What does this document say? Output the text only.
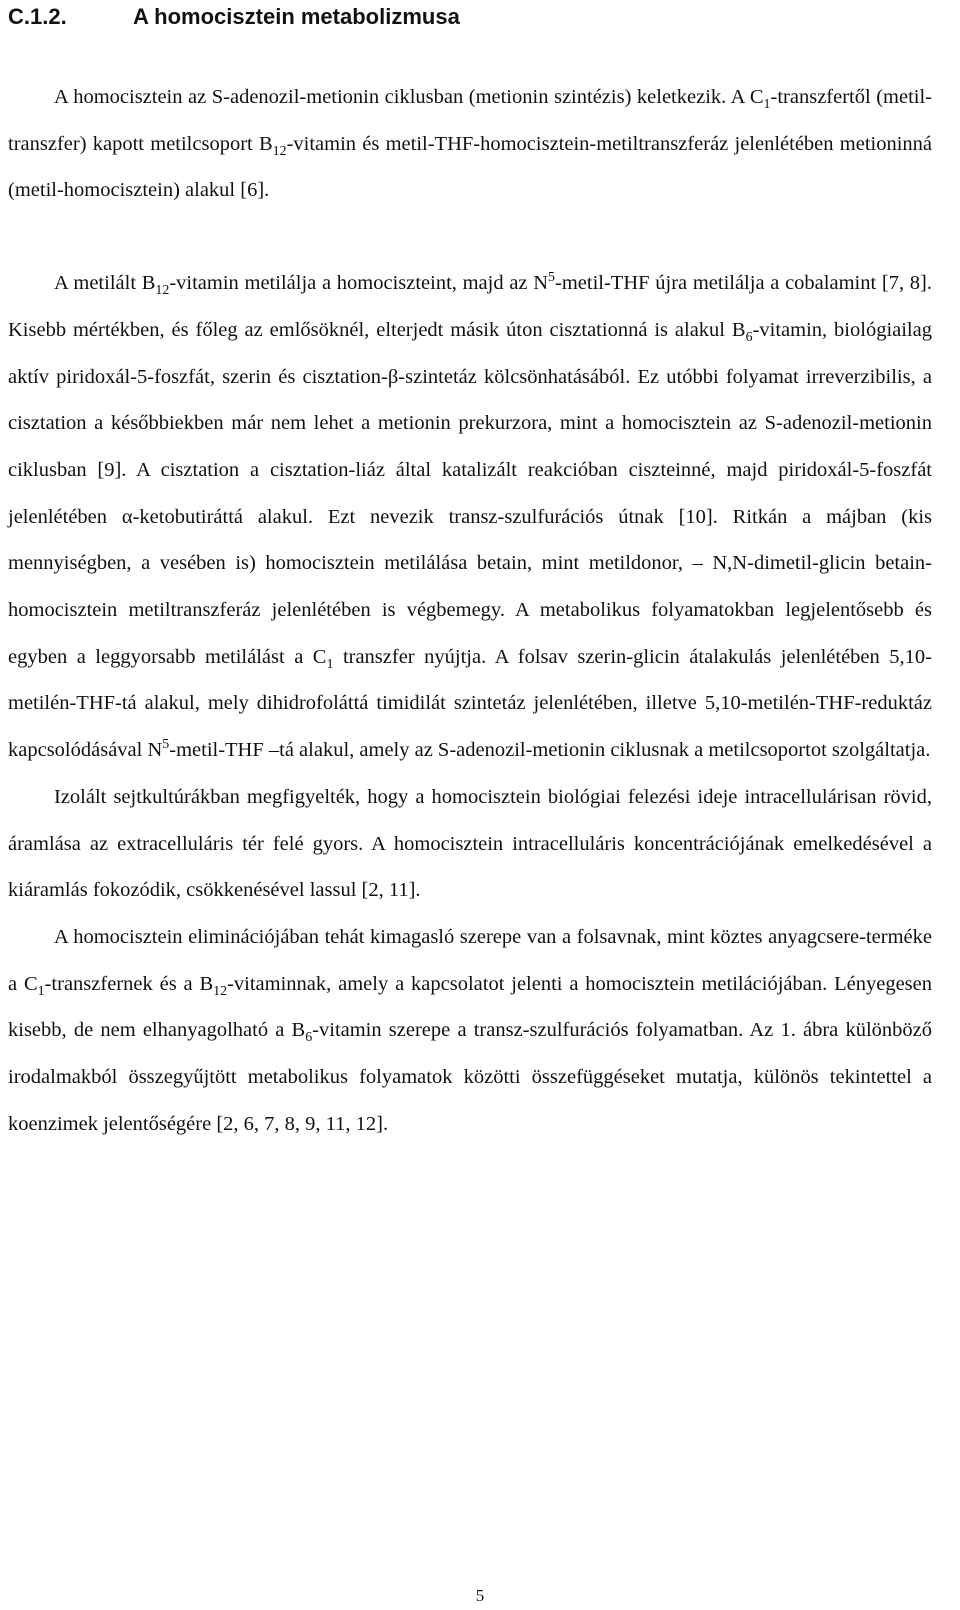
C.1.2.	A homocisztein metabolizmusa

A homocisztein az S-adenozil-metionin ciklusban (metionin szintézis) keletkezik. A $C_1$-transzfertől (metil-transzfer) kapott metilcsoport $B_{12}$-vitamin és metil-THF-homocisztein-metiltranszferáz jelenlétében metioninná (metil-homocisztein) alakul [6].

A metilált $B_{12}$-vitamin metilálja a homociszteint, majd az $N^5-metil$-THF újra metilálja a cobalamint [7, 8]. Kisebb mértékben, és főleg az emlősöknél, elterjedt másik úton cisztationná is alakul $B_6$-vitamin, biológiailag aktív piridoxál-5-foszfát, szerin és cisztation-β-szintetáz kölcsönhatásából. Ez utóbbi folyamat irreverzibilis, a cisztation a későbbiekben már nem lehet a metionin prekurzora, mint a homocisztein az S-adenozil-metionin ciklusban [9]. A cisztation a cisztation-liáz által katalizált reakcióban ciszteinné, majd piridoxál-5-foszfát jelenlétében α-ketobutiráttá alakul. Ezt nevezik transz-szulfurációs útnak [10]. Ritkán a májban (kis mennyiségben, a vesében is) homocisztein metilálása betain, mint metildonor, – N,N-dimetil-glicin betain-homocisztein metiltranszferáz jelenlétében is végbemegy. A metabolikus folyamatokban legjelentősebb és egyben a leggyorsabb metilálást a $C_1$ transzfer nyújtja. A folsav szerin-glicin átalakulás jelenlétében 5,10-metilén-THF-tá alakul, mely dihidrofoláttá timidilát szintetáz jelenlétében, illetve 5,10-metilén-THF-reduktáz kapcsolódásával $N^5-metil$-THF –tá alakul, amely az S-adenozil-metionin ciklusnak a metilcsoportot szolgáltatja.

Izolált sejtkultúrákban megfigyelték, hogy a homocisztein biológiai felezési ideje intracellulárisan rövid, áramlása az extracelluláris tér felé gyors. A homocisztein intracelluláris koncentrációjának emelkedésével a kiáramlás fokozódik, csökkenésével lassul [2, 11].

A homocisztein eliminációjában tehát kimagasló szerepe van a folsavnak, mint köztes anyagcsere-terméke a $C_1$-transzfernek és a $B_{12}$-vitaminnak, amely a kapcsolatot jelenti a homocisztein metilációjában. Lényegesen kisebb, de nem elhanyagolható a $B_6$-vitamin szerepe a transz-szulfurációs folyamatban. Az 1. ábra különböző irodalmakból összegyűjtött metabolikus folyamatok közötti összefüggéseket mutatja, különös tekintettel a koenzimek jelentőségére [2, 6, 7, 8, 9, 11, 12].

5
